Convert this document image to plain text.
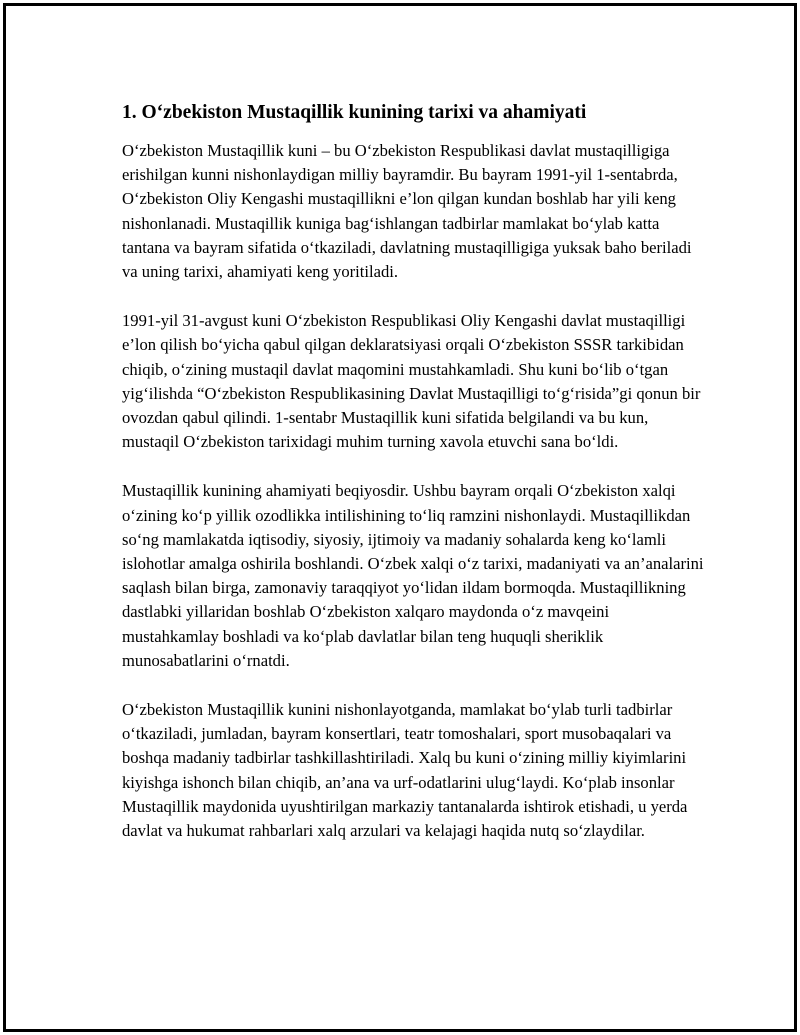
1. O‘zbekiston Mustaqillik kunining tarixi va ahamiyati

O‘zbekiston Mustaqillik kuni – bu O‘zbekiston Respublikasi davlat mustaqilligiga erishilgan kunni nishonlaydigan milliy bayramdir. Bu bayram 1991-yil 1-sentabrda, O‘zbekiston Oliy Kengashi mustaqillikni e’lon qilgan kundan boshlab har yili keng nishonlanadi. Mustaqillik kuniga bag‘ishlangan tadbirlar mamlakat bo‘ylab katta tantana va bayram sifatida o‘tkaziladi, davlatning mustaqilligiga yuksak baho beriladi va uning tarixi, ahamiyati keng yoritiladi.

1991-yil 31-avgust kuni O‘zbekiston Respublikasi Oliy Kengashi davlat mustaqilligi e’lon qilish bo‘yicha qabul qilgan deklaratsiyasi orqali O‘zbekiston SSSR tarkibidan chiqib, o‘zining mustaqil davlat maqomini mustahkamladi. Shu kuni bo‘lib o‘tgan yig‘ilishda “O‘zbekiston Respublikasining Davlat Mustaqilligi to‘g‘risida”gi qonun bir ovozdan qabul qilindi. 1-sentabr Mustaqillik kuni sifatida belgilandi va bu kun, mustaqil O‘zbekiston tarixidagi muhim turning xavola etuvchi sana bo‘ldi.

Mustaqillik kunining ahamiyati beqiyosdir. Ushbu bayram orqali O‘zbekiston xalqi o‘zining ko‘p yillik ozodlikka intilishining to‘liq ramzini nishonlaydi. Mustaqillikdan so‘ng mamlakatda iqtisodiy, siyosiy, ijtimoiy va madaniy sohalarda keng ko‘lamli islohotlar amalga oshirila boshlandi. O‘zbek xalqi o‘z tarixi, madaniyati va an’analarini saqlash bilan birga, zamonaviy taraqqiyot yo‘lidan ildam bormoqda. Mustaqillikning dastlabki yillaridan boshlab O‘zbekiston xalqaro maydonda o‘z mavqeini mustahkamlay boshladi va ko‘plab davlatlar bilan teng huquqli sheriklik munosabatlarini o‘rnatdi.

O‘zbekiston Mustaqillik kunini nishonlayotganda, mamlakat bo‘ylab turli tadbirlar o‘tkaziladi, jumladan, bayram konsertlari, teatr tomoshalari, sport musobaqalari va boshqa madaniy tadbirlar tashkillashtiriladi. Xalq bu kuni o‘zining milliy kiyimlarini kiyishga ishonch bilan chiqib, an’ana va urf-odatlarini ulug‘laydi. Ko‘plab insonlar Mustaqillik maydonida uyushtirilgan markaziy tantanalarda ishtirok etishadi, u yerda davlat va hukumat rahbarlari xalq arzulari va kelajagi haqida nutq so‘zlaydilar.
